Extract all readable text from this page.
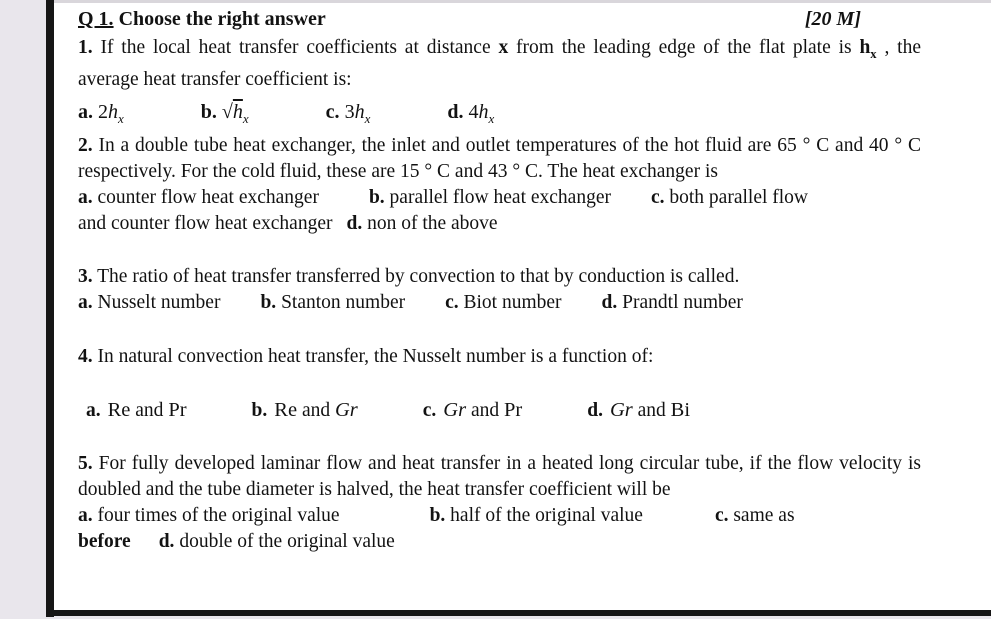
Q 1. Choose the right answer	[20 M]

1. If the local heat transfer coefficients at distance x from the leading edge of the flat plate is $h_x$ , the average heat transfer coefficient is:

a. $2h_x$	b. $√h_x$	c. $3h_x$	d. $4h_x$

2. In a double tube heat exchanger, the inlet and outlet temperatures of the hot fluid are 65 ° C and 40 ° C respectively. For the cold fluid, these are 15 ° C and 43 ° C. The heat exchanger is

a. counter flow heat exchanger	b. parallel flow heat exchanger c. both parallel flow

and counter flow heat exchanger d. non of the above

3. The ratio of heat transfer transferred by convection to that by conduction is called.

a. Nusselt number b. Stanton number c. Biot number d. Prandtl number

4. In natural convection heat transfer, the Nusselt number is a function of:

a. Re and Pr	b. Re and Gr	c. Gr and Pr	d. Gr and Bi

5. For fully developed laminar flow and heat transfer in a heated long circular tube, if the flow velocity is doubled and the tube diameter is halved, the heat transfer coefficient will be

a. four times of the original value	b. half of the original value	c. same as

before d. double of the original value
